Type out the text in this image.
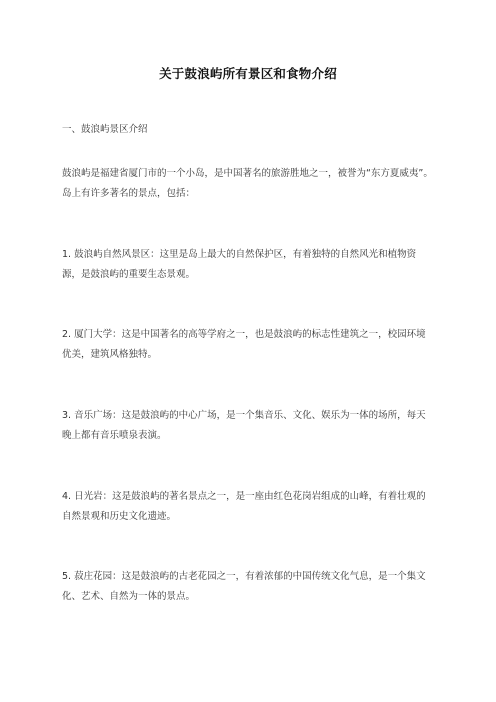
关于鼓浪屿所有景区和食物介绍
一、鼓浪屿景区介绍

鼓浪屿是福建省厦门市的一个小岛，是中国著名的旅游胜地之一，被誉为“东方夏威夷”。岛上有许多著名的景点，包括：

1. 鼓浪屿自然风景区：这里是岛上最大的自然保护区，有着独特的自然风光和植物资源，是鼓浪屿的重要生态景观。

2. 厦门大学：这是中国著名的高等学府之一，也是鼓浪屿的标志性建筑之一，校园环境优美，建筑风格独特。

3. 音乐广场：这是鼓浪屿的中心广场，是一个集音乐、文化、娱乐为一体的场所，每天晚上都有音乐喷泉表演。

4. 日光岩：这是鼓浪屿的著名景点之一，是一座由红色花岗岩组成的山峰，有着壮观的自然景观和历史文化遗迹。

5. 菽庄花园：这是鼓浪屿的古老花园之一，有着浓郁的中国传统文化气息，是一个集文化、艺术、自然为一体的景点。
